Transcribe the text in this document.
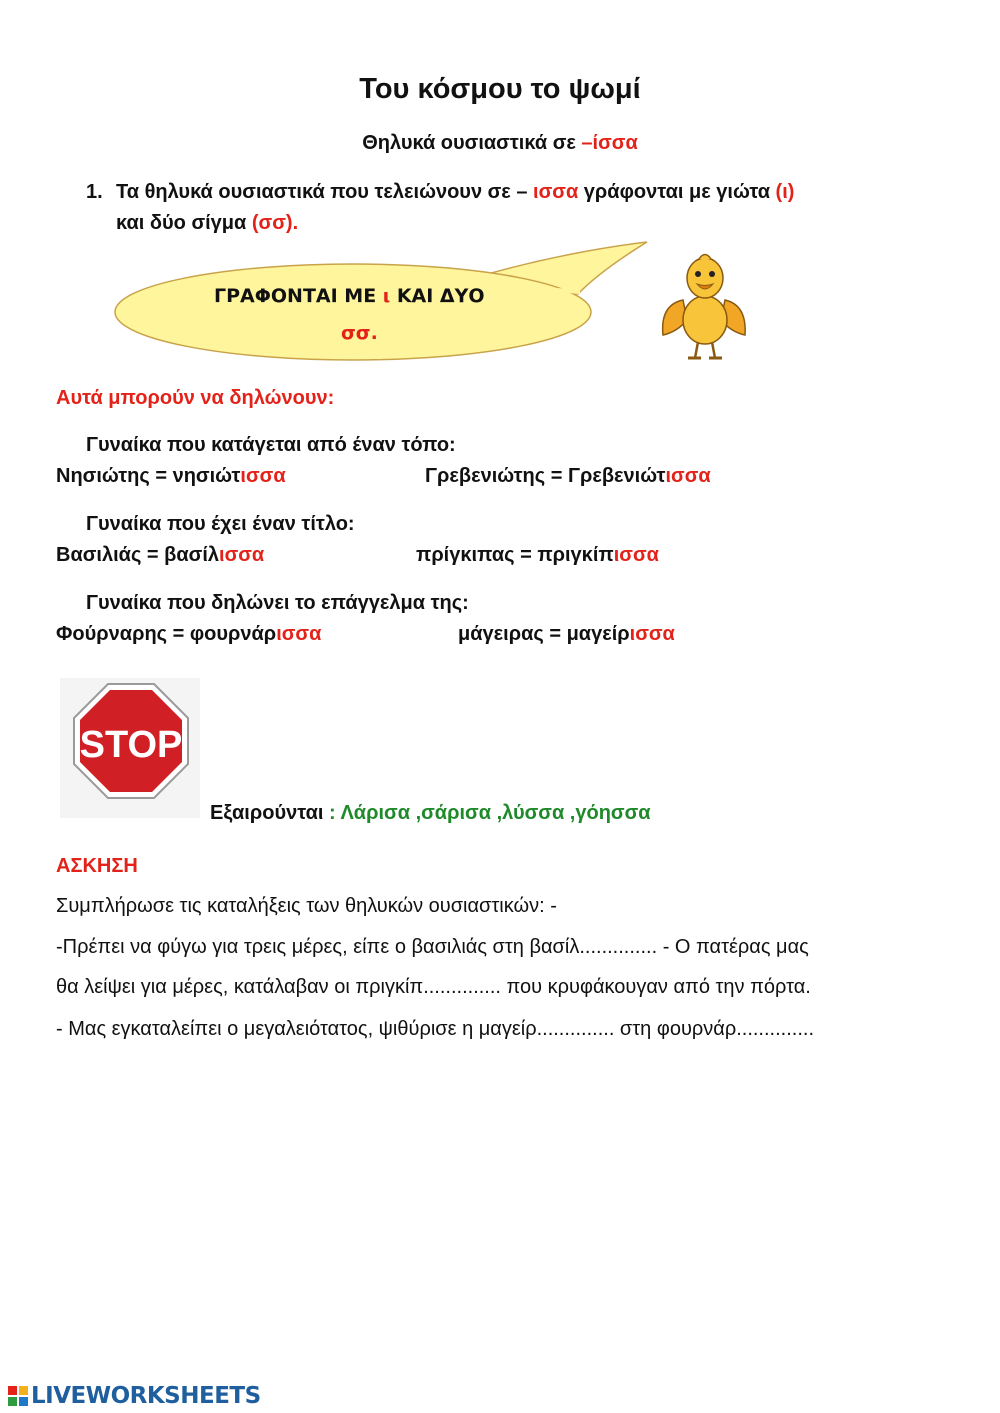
Του κόσμου το ψωμί
Θηλυκά ουσιαστικά σε –ίσσα
1. Τα θηλυκά ουσιαστικά που τελειώνουν σε – ισσα γράφονται με γιώτα (ι)
και δύο σίγμα (σσ).
ΓΡΑΦΟΝΤΑΙ ΜΕ ι ΚΑΙ ΔΥΟ
σσ.
Αυτά μπορούν να δηλώνουν:
Γυναίκα που κατάγεται από έναν τόπο:
Νησιώτης = νησιώτισσα	Γρεβενιώτης = Γρεβενιώτισσα
Γυναίκα που έχει έναν τίτλο:
Βασιλιάς = βασίλισσα	πρίγκιπας = πριγκίπισσα
Γυναίκα που δηλώνει το επάγγελμα της:
Φούρναρης = φουρνάρισσα	μάγειρας = μαγείρισσα
STOP
Εξαιρούνται : Λάρισα ,σάρισα ,λύσσα ,γόησσα
ΑΣΚΗΣΗ
Συμπλήρωσε τις καταλήξεις των θηλυκών ουσιαστικών: -
-Πρέπει να φύγω για τρεις μέρες, είπε ο βασιλιάς στη βασίλ.............. - Ο πατέρας μας
θα λείψει για μέρες, κατάλαβαν οι πριγκίπ.............. που κρυφάκουγαν από την πόρτα.
- Μας εγκαταλείπει ο μεγαλειότατος, ψιθύρισε η μαγείρ.............. στη φουρνάρ..............
LIVEWORKSHEETS
